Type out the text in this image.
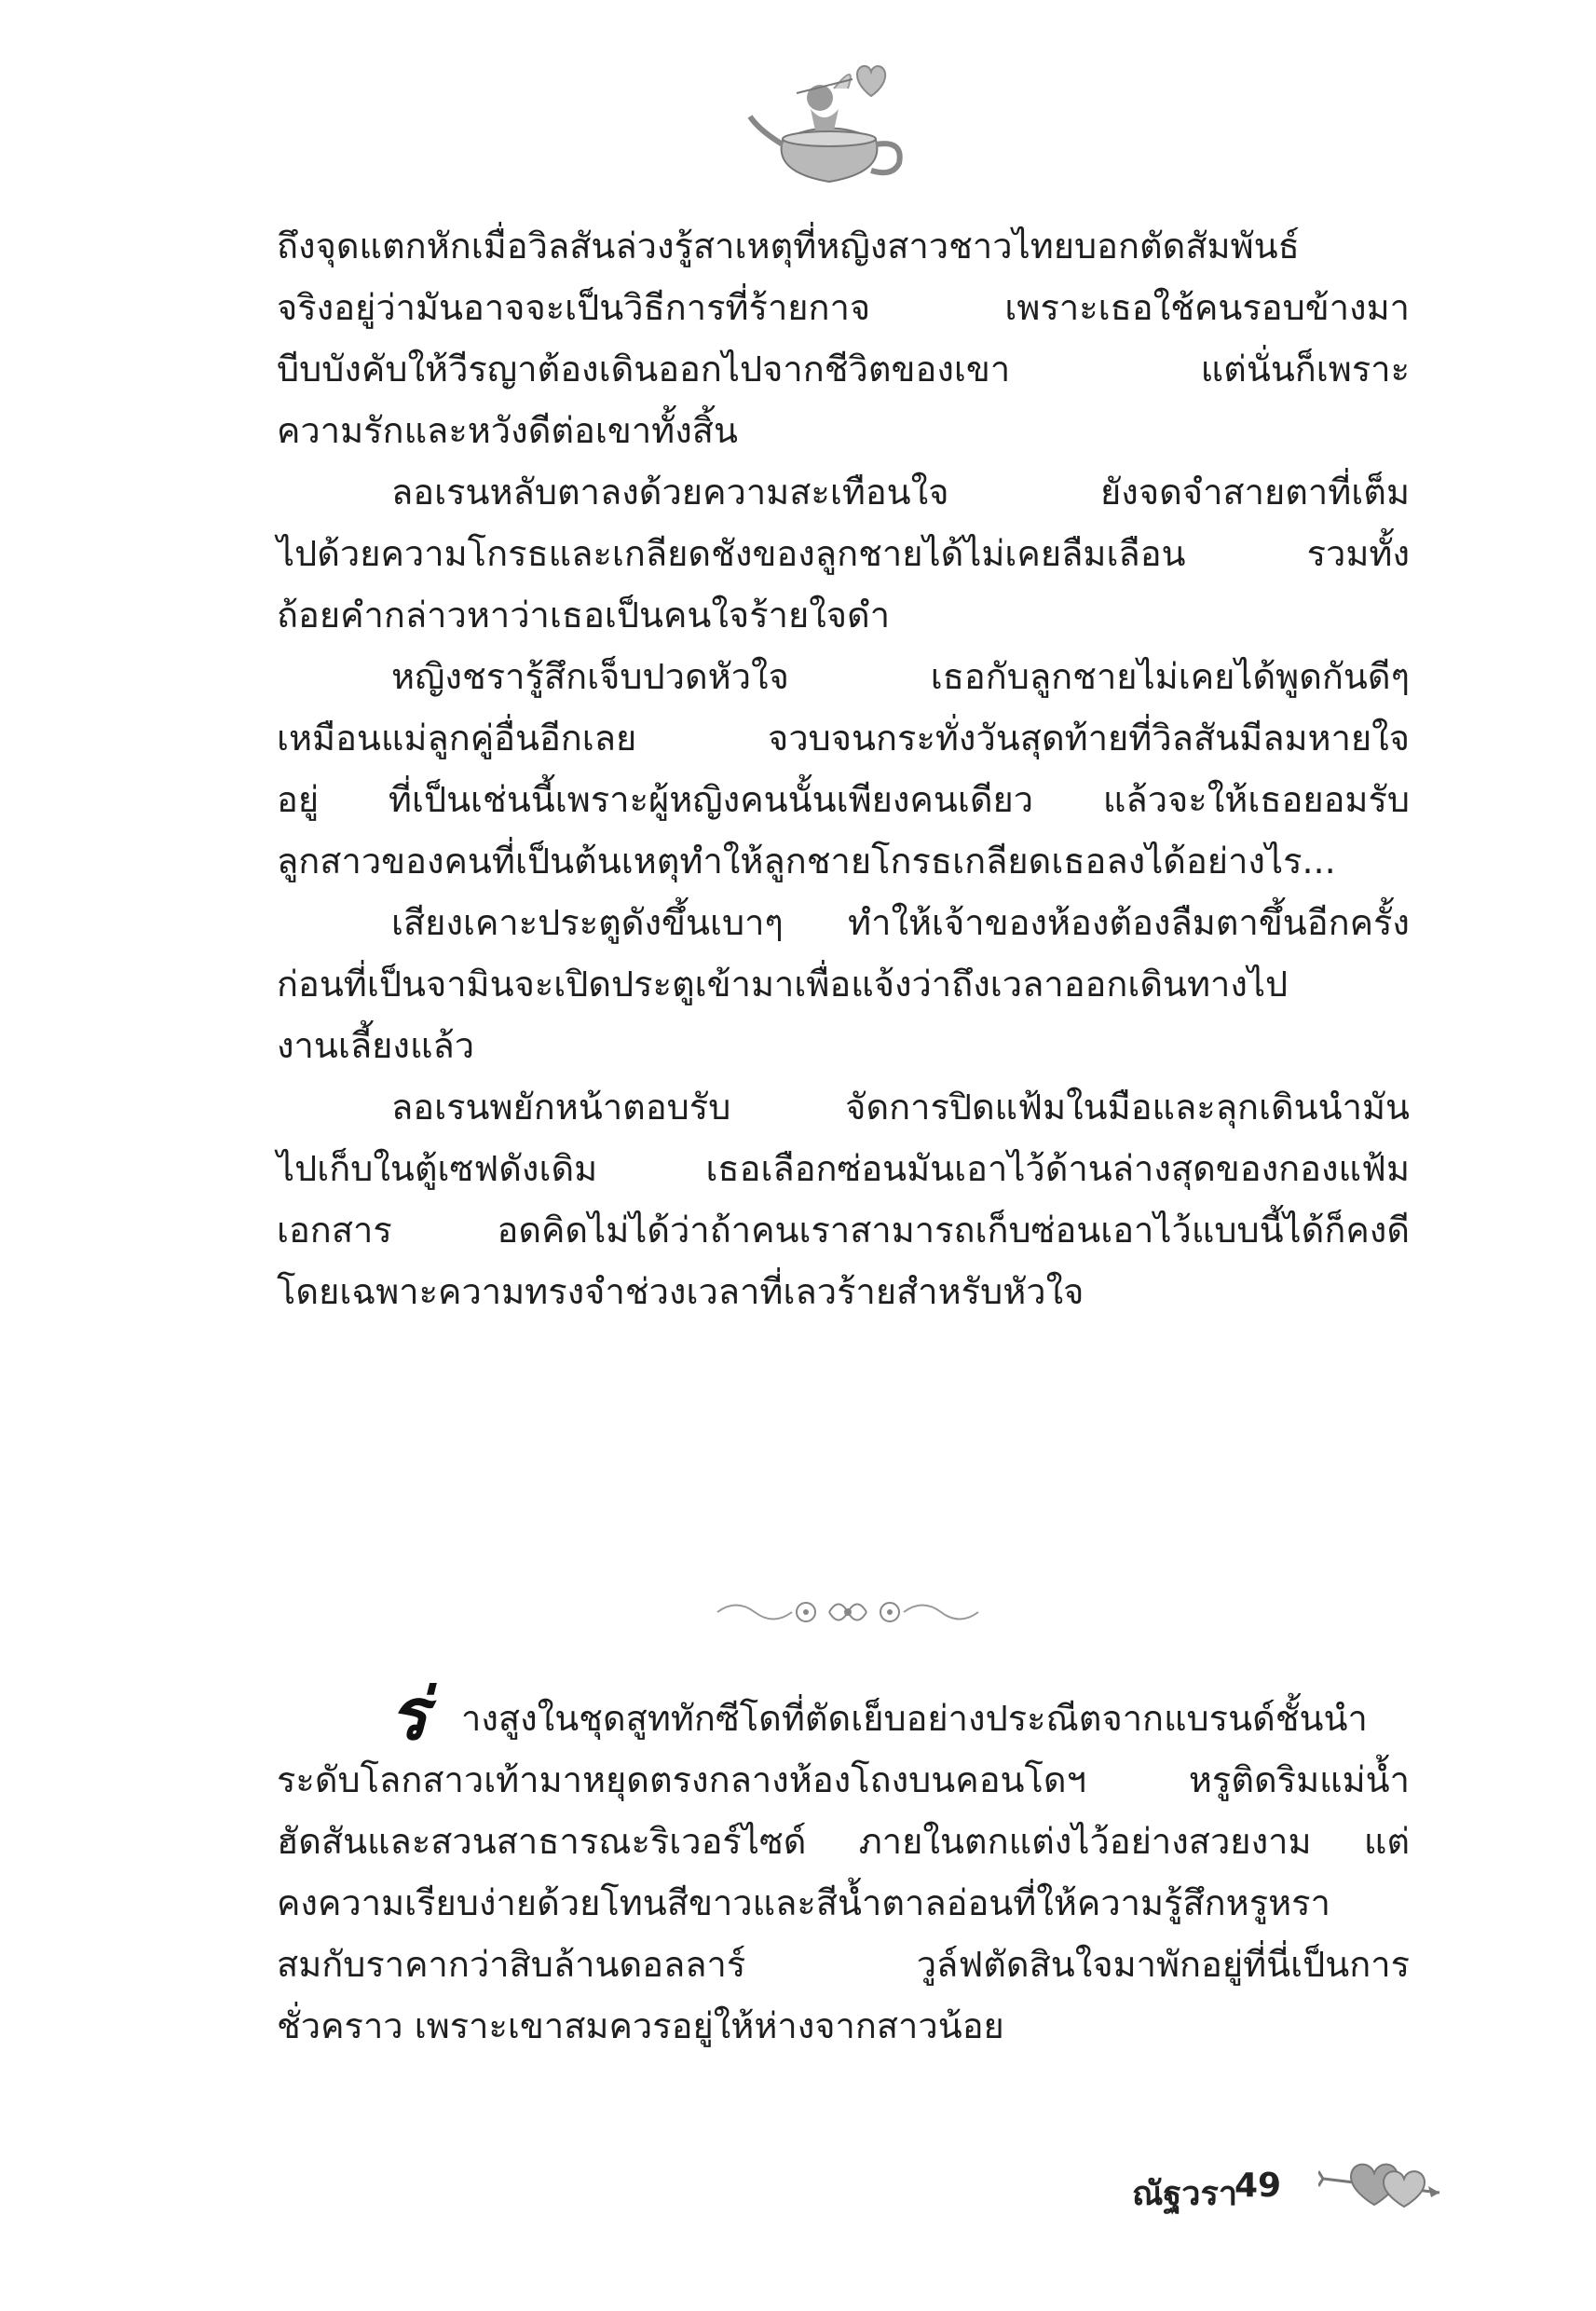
ถึงจุดแตกหักเมื่อวิลสันล่วงรู้สาเหตุที่หญิงสาวชาวไทยบอกตัดสัมพันธ์
จริงอยู่ว่ามันอาจจะเป็นวิธีการที่ร้ายกาจ เพราะเธอใช้คนรอบข้างมา
บีบบังคับให้วีรญาต้องเดินออกไปจากชีวิตของเขา แต่นั่นก็เพราะ
ความรักและหวังดีต่อเขาทั้งสิ้น
ลอเรนหลับตาลงด้วยความสะเทือนใจ ยังจดจำสายตาที่เต็ม
ไปด้วยความโกรธและเกลียดชังของลูกชายได้ไม่เคยลืมเลือน รวมทั้ง
ถ้อยคำกล่าวหาว่าเธอเป็นคนใจร้ายใจดำ
หญิงชรารู้สึกเจ็บปวดหัวใจ เธอกับลูกชายไม่เคยได้พูดกันดีๆ
เหมือนแม่ลูกคู่อื่นอีกเลย จวบจนกระทั่งวันสุดท้ายที่วิลสันมีลมหายใจ
อยู่ ที่เป็นเช่นนี้เพราะผู้หญิงคนนั้นเพียงคนเดียว แล้วจะให้เธอยอมรับ
ลูกสาวของคนที่เป็นต้นเหตุทำให้ลูกชายโกรธเกลียดเธอลงได้อย่างไร...
เสียงเคาะประตูดังขึ้นเบาๆ ทำให้เจ้าของห้องต้องลืมตาขึ้นอีกครั้ง
ก่อนที่เป็นจามินจะเปิดประตูเข้ามาเพื่อแจ้งว่าถึงเวลาออกเดินทางไป
งานเลี้ยงแล้ว
ลอเรนพยักหน้าตอบรับ จัดการปิดแฟ้มในมือและลุกเดินนำมัน
ไปเก็บในตู้เซฟดังเดิม เธอเลือกซ่อนมันเอาไว้ด้านล่างสุดของกองแฟ้ม
เอกสาร อดคิดไม่ได้ว่าถ้าคนเราสามารถเก็บซ่อนเอาไว้แบบนี้ได้ก็คงดี
โดยเฉพาะความทรงจำช่วงเวลาที่เลวร้ายสำหรับหัวใจ
ร่ างสูงในชุดสูททักซีโดที่ตัดเย็บอย่างประณีตจากแบรนด์ชั้นนำ
ระดับโลกสาวเท้ามาหยุดตรงกลางห้องโถงบนคอนโดฯ หรูติดริมแม่น้ำ
ฮัดสันและสวนสาธารณะริเวอร์ไซด์ ภายในตกแต่งไว้อย่างสวยงาม แต่
คงความเรียบง่ายด้วยโทนสีขาวและสีน้ำตาลอ่อนที่ให้ความรู้สึกหรูหรา
สมกับราคากว่าสิบล้านดอลลาร์ วูล์ฟตัดสินใจมาพักอยู่ที่นี่เป็นการ
ชั่วคราว เพราะเขาสมควรอยู่ให้ห่างจากสาวน้อย
ณัฐวรา
49
